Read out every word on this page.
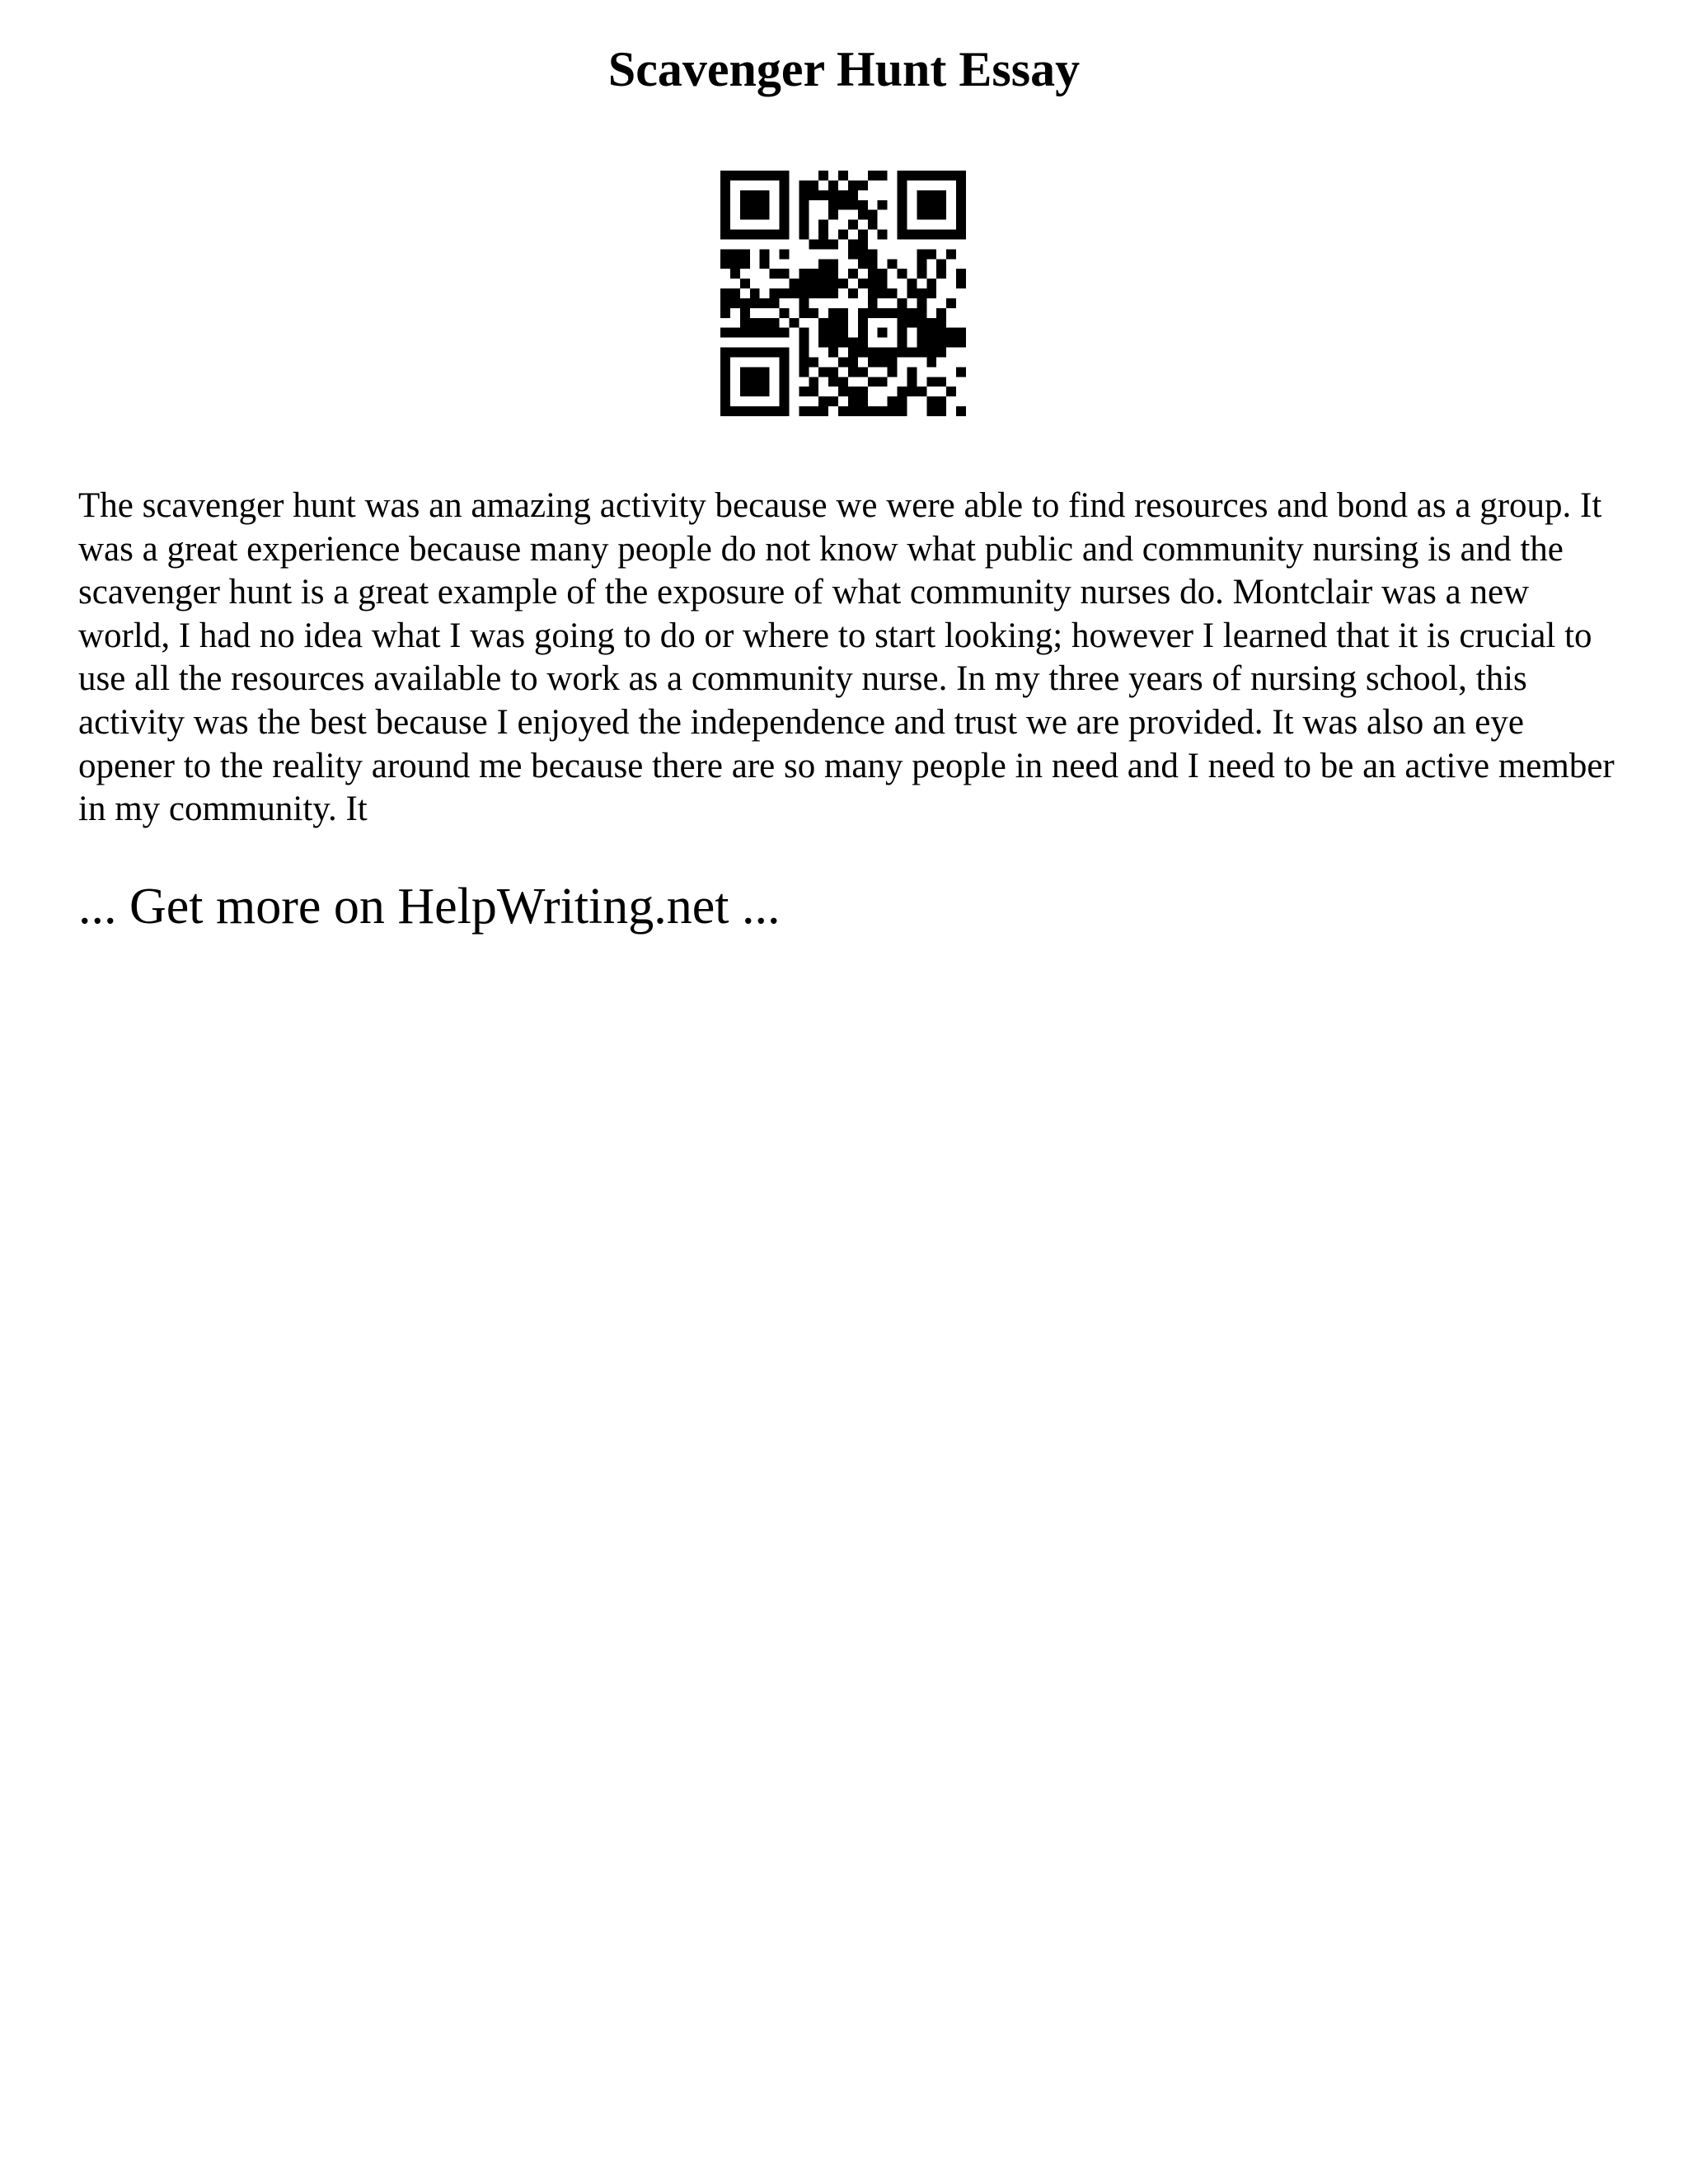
Scavenger Hunt Essay

The scavenger hunt was an amazing activity because we were able to find resources and bond as a group. It was a great experience because many people do not know what public and community nursing is and the scavenger hunt is a great example of the exposure of what community nurses do. Montclair was a new world, I had no idea what I was going to do or where to start looking; however I learned that it is crucial to use all the resources available to work as a community nurse. In my three years of nursing school, this activity was the best because I enjoyed the independence and trust we are provided. It was also an eye opener to the reality around me because there are so many people in need and I need to be an active member in my community. It

... Get more on HelpWriting.net ...
